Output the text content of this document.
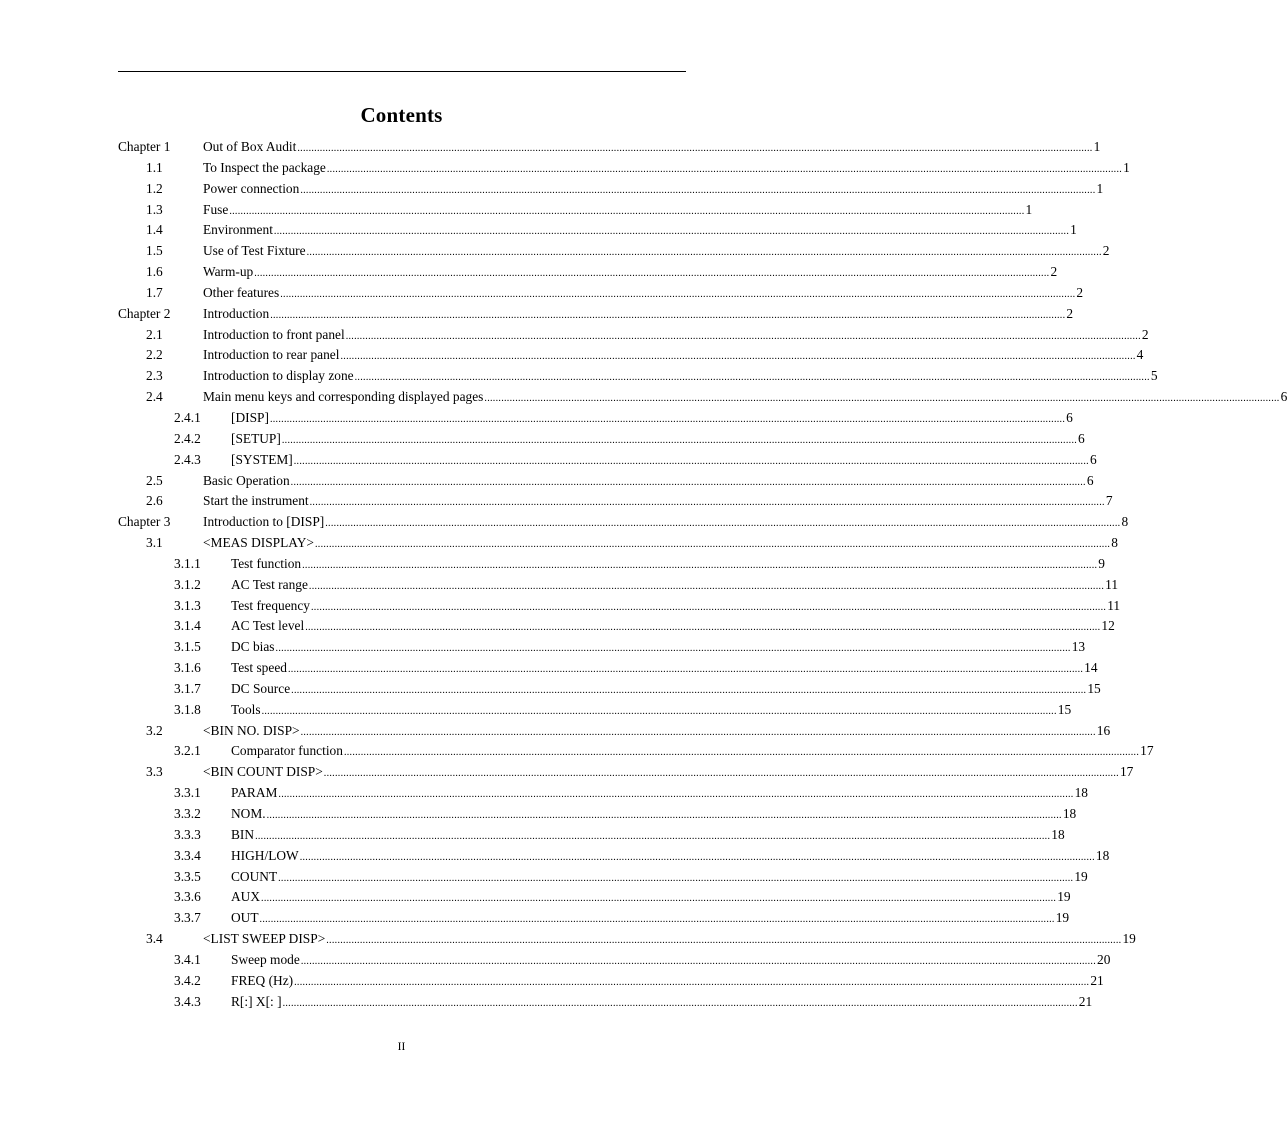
Contents
Chapter 1 Out of Box Audit ............................................................................................................................................................................................................................................................................................ 1
1.1	To Inspect the package ............................................................................................................................................................................................................................................................................................ 1
1.2	Power connection ............................................................................................................................................................................................................................................................................................ 1
1.3	Fuse ............................................................................................................................................................................................................................................................................................ 1
1.4	Environment ............................................................................................................................................................................................................................................................................................ 1
1.5	Use of Test Fixture ............................................................................................................................................................................................................................................................................................ 2
1.6	Warm-up ............................................................................................................................................................................................................................................................................................ 2
1.7	Other features ............................................................................................................................................................................................................................................................................................ 2
Chapter 2 Introduction ............................................................................................................................................................................................................................................................................................ 2
2.1	Introduction to front panel ............................................................................................................................................................................................................................................................................................ 2
2.2	Introduction to rear panel ............................................................................................................................................................................................................................................................................................ 4
2.3	Introduction to display zone ............................................................................................................................................................................................................................................................................................ 5
2.4	Main menu keys and corresponding displayed pages ............................................................................................................................................................................................................................................................................................ 6
2.4.1 [DISP] ............................................................................................................................................................................................................................................................................................ 6
2.4.2 [SETUP] ............................................................................................................................................................................................................................................................................................ 6
2.4.3 [SYSTEM] ............................................................................................................................................................................................................................................................................................ 6
2.5	Basic Operation ............................................................................................................................................................................................................................................................................................ 6
2.6	Start the instrument ............................................................................................................................................................................................................................................................................................ 7
Chapter 3 Introduction to [DISP] ............................................................................................................................................................................................................................................................................................ 8
3.1	<MEAS DISPLAY> ............................................................................................................................................................................................................................................................................................ 8
3.1.1 Test function ............................................................................................................................................................................................................................................................................................ 9
3.1.2 AC Test range ............................................................................................................................................................................................................................................................................................ 11
3.1.3 Test frequency ............................................................................................................................................................................................................................................................................................ 11
3.1.4 AC Test level ............................................................................................................................................................................................................................................................................................ 12
3.1.5 DC bias ............................................................................................................................................................................................................................................................................................ 13
3.1.6 Test speed ............................................................................................................................................................................................................................................................................................ 14
3.1.7 DC Source ............................................................................................................................................................................................................................................................................................ 15
3.1.8 Tools ............................................................................................................................................................................................................................................................................................ 15
3.2	<BIN NO. DISP> ............................................................................................................................................................................................................................................................................................ 16
3.2.1 Comparator function ............................................................................................................................................................................................................................................................................................ 17
3.3	<BIN COUNT DISP> ............................................................................................................................................................................................................................................................................................ 17
3.3.1 PARAM ............................................................................................................................................................................................................................................................................................ 18
3.3.2 NOM. ............................................................................................................................................................................................................................................................................................ 18
3.3.3 BIN ............................................................................................................................................................................................................................................................................................ 18
3.3.4 HIGH/LOW ............................................................................................................................................................................................................................................................................................ 18
3.3.5 COUNT ............................................................................................................................................................................................................................................................................................ 19
3.3.6 AUX ............................................................................................................................................................................................................................................................................................ 19
3.3.7 OUT ............................................................................................................................................................................................................................................................................................ 19
3.4	<LIST SWEEP DISP> ............................................................................................................................................................................................................................................................................................ 19
3.4.1 Sweep mode ............................................................................................................................................................................................................................................................................................ 20
3.4.2 FREQ (Hz) ............................................................................................................................................................................................................................................................................................ 21
3.4.3 R[:] X[: ] ............................................................................................................................................................................................................................................................................................ 21
II
